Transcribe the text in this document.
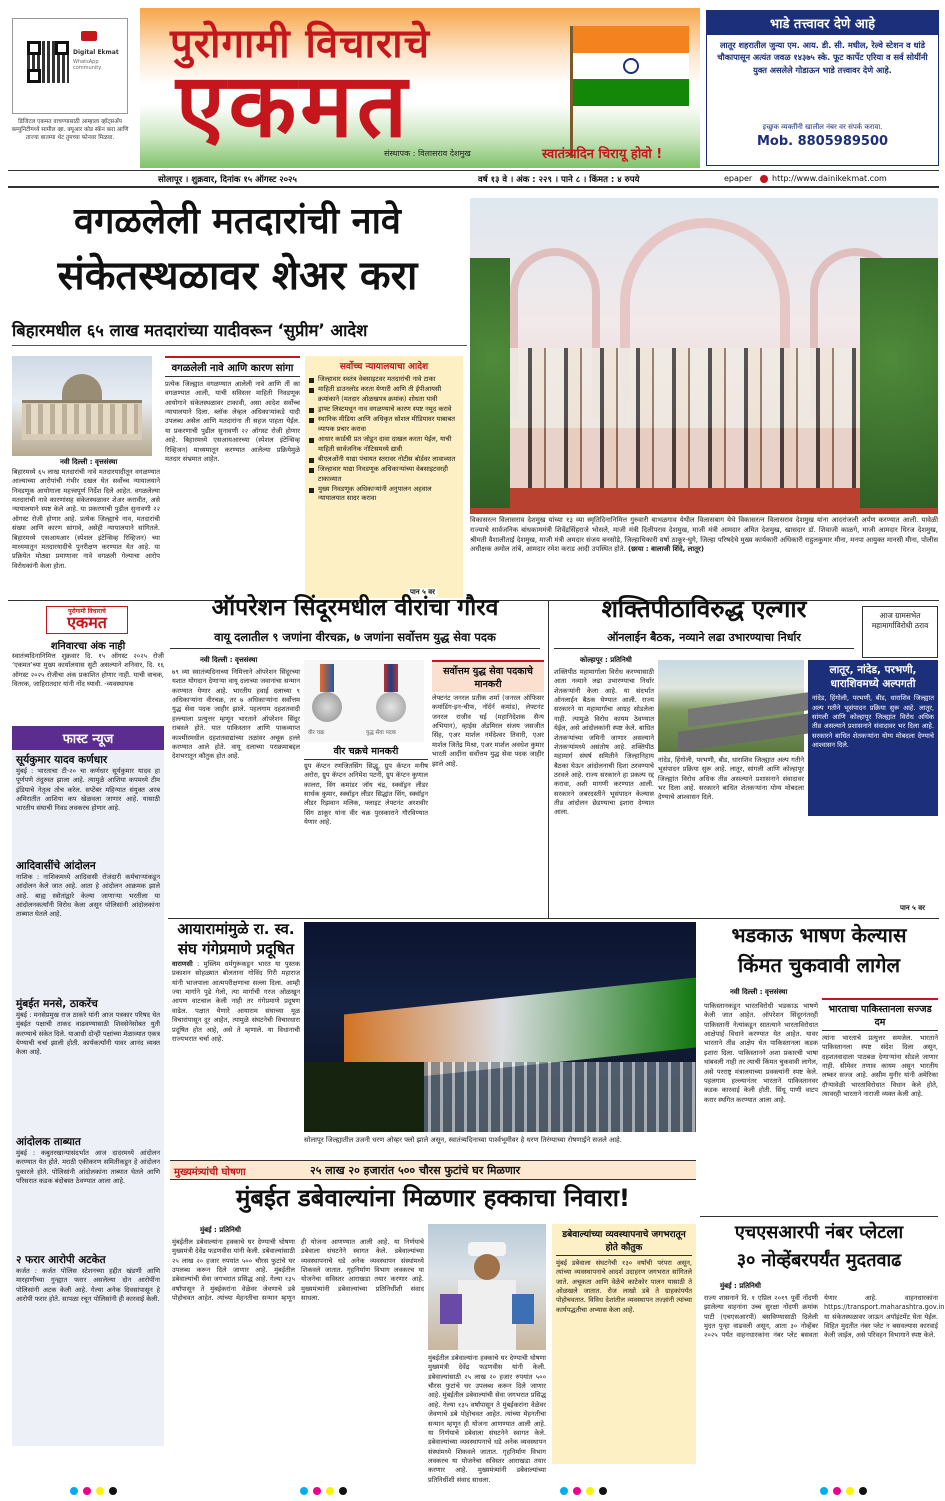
Digital Ekmat
WhatsApp community
डिजिटल एकमत वाचण्यासाठी आम्हाला व्हॉट्सअ‍ॅप कम्युनिटीमध्ये सामील व्हा. क्यूआर कोड स्कॅन करा आणि ताज्या बातम्या थेट तुमच्या फोनवर मिळवा.
पुरोगामी विचाराचे
एकमत
संस्थापक : विलासराव देशमुख	स्वातंत्र्यदिन चिरायू होवो !
भाडे तत्त्वावर देणे आहे
लातूर शहरातील जुन्या एम. आय. डी. सी. मधील, रेल्वे स्टेशन व धांडे चौकापासून अत्यंत जवळ १४३७५ स्के. फूट कार्पेट एरिया व सर्व सोयींनी युक्त असलेले गोडाऊन भाडे तत्त्वावर देणे आहे.
इच्छुक व्यक्तींनी खालील नंबर वर संपर्क करावा.
Mob. 8805989500
सोलापूर । शुक्रवार, दिनांक १५ ऑगस्ट २०२५	वर्ष १३ वे । अंक : २२९ । पाने ८ । किंमत : ४ रुपये	epaper http://www.dainikekmat.com
वगळलेली मतदारांची नावे
संकेतस्थळावर शेअर करा
बिहारमधील ६५ लाख मतदारांच्या यादीवरून ‘सुप्रीम’ आदेश
नवी दिल्ली : वृत्तसंस्था
बिहारमध्ये ६५ लाख मतदारांची नावे मतदारयादीतून वगळण्यात आल्याच्या आरोपांची गंभीर दखल घेत सर्वोच्च न्यायालयाने निवडणूक आयोगाला महत्त्वपूर्ण निर्देश दिले आहेत. वगळलेल्या मतदारांची नावे कारणांसह संकेतस्थळावर शेअर करावीत, असे न्यायालयाने स्पष्ट केले आहे. या प्रकरणाची पुढील सुनावणी २२ ऑगस्ट रोजी होणार आहे. प्रत्येक जिल्ह्याचे नाव, मतदारांची संख्या आणि कारण सांगावे, असेही न्यायालयाने सांगितले. बिहारमध्ये एसआयआर (स्पेशल इंटेन्सिव्ह रिव्हिजन) च्या माध्यमातून मतदारयादीचे पुनरीक्षण करण्यात येत आहे. या प्रक्रियेत मोठ्या प्रमाणावर नावे वगळली गेल्याचा आरोप विरोधकांनी केला होता.
वगळलेली नावे आणि कारण सांगा
प्रत्येक जिल्ह्यात वगळण्यात आलेली नावे आणि तीं का वगळण्यात आली, याची सविस्तर माहिती निवडणूक आयोगाने संकेतस्थळावर टाकावी, असा आदेश सर्वोच्च न्यायालयाने दिला. ब्लॉक लेव्हल अधिकाऱ्यांकडे यादी उपलब्ध असेल आणि मतदारांना ती सहज पाहता येईल. या प्रकरणाची पुढील सुनावणी २२ ऑगस्ट रोजी होणार आहे. बिहारमध्ये एसआयआरच्या (स्पेशल इंटेन्सिव्ह रिव्हिजन) माध्यमातून करण्यात आलेल्या प्रक्रियेमुळे मतदार संभ्रमात आहेत.
सर्वोच्च न्यायालयाचा आदेश
जिल्हावार स्वतंत्र वेबसाइटवर मतदारांची नावे टाका
माहिती डाउनलोड करता येणारी आणि ती ईपीआयसी क्रमांकाने (मतदार ओळखपत्र क्रमांक) शोधता यावी
ड्राफ्ट लिस्टमधून नाव वगळण्याचे कारण स्पष्ट नमूद करावे
स्थानिक मीडिया आणि अधिकृत सोशल मीडियावर याबाबत व्यापक प्रचार करावा
आधार कार्डची प्रत जोडून दावा दाखल करता येईल, याची माहिती सार्वजनिक नोटिसमध्ये द्यावी
बीएलओंनी याद्या पंचायत स्तरावर नोटीस बोर्डवर लावाव्यात
जिल्हावार याद्या निवडणूक अधिकाऱ्यांच्या वेबसाइटवरही टाकाव्यात
मुख्य निवडणूक अधिकाऱ्यांनी अनुपालन अहवाल न्यायालयात सादर करावा
पान ५ वर
विकासरत्न विलासराव देशमुख यांच्या १३ व्या स्मृतिदिनानिमित्त गुरुवारी बाभळगाव येथील विलासबाग येथे विकासरत्न विलासराव देशमुख यांना आदरांजली अर्पण करण्यात आली. यावेळी राज्याचे सार्वजनिक बांधकाममंत्री शिवेंद्रसिंहराजे भोसले, माजी मंत्री दिलीपराव देशमुख, माजी मंत्री आमदार अमित देशमुख, खासदार डॉ. शिवाजी काळगे, माजी आमदार धिरज देशमुख, श्रीमती वैशालीताई देशमुख, माजी मंत्री अमदार संजय बनसोडे, जिल्हाधिकारी वर्षा ठाकूर-घुगे, जिल्हा परिषदेचे मुख्य कार्यकारी अधिकारी राहुलकुमार मीना, मनपा आयुक्त मानसी मीना, पोलीस अधीक्षक अमोल तांबे, आमदार रमेश कराड आदी उपस्थित होते. (छाया : बालाजी शिंदे, लातूर)
पुरोगामी विचाराचे
एकमत
शनिवारचा अंक नाही
स्वातंत्र्यदिनानिमित्त शुक्रवार दि. १५ ऑगस्ट २०२५ रोजी ‘एकमत’च्या मुख्य कार्यालयास सुटी असल्याने शनिवार, दि. १६ ऑगस्ट २०२५ रोजीचा अंक प्रकाशित होणार नाही. याची वाचक, वितरक, जाहिरातदार यांनी नोंद घ्यावी. -व्यवस्थापक
फास्ट न्यूज
सूर्यकुमार यादव कर्णधार
मुंबई : भारताचा टी-२० चा कर्णधार सूर्यकुमार यादव हा पूर्णपणे तंदुरुस्त झाला आहे. त्यामुळे आशिया कपमध्ये टीम इंडियाचे नेतृत्व तोच करेल. सप्टेंबर महिन्यात संयुक्त अरब अमिरातीत आशिया कप खेळवला जाणार आहे. यासाठी भारतीय संघाची निवड लवकरच होणार आहे.
आदिवासींचे आंदोलन
नाशिक : नाशिकमध्ये आदिवासी रोजंदारी कर्मचाऱ्यांकडून आंदोलन केले जात आहे. आता हे आंदोलन आक्रमक झाले आहे. बाह्य स्त्रोतांद्वारे केल्या जाणाऱ्या भरतीला या आंदोलनकर्त्यांनी विरोध केला असून पोलिसांनी आंदोलकांना ताब्यात घेतले आहे.
मुंबईत मनसे, ठाकरेंच
मुंबई : मनसेप्रमुख राज ठाकरे यांनी आज पत्रकार परिषद घेत मुंबईत पक्षाची ताकद वाढवण्यासाठी शिवसेनेसोबत युती करण्याचे संकेत दिले. याआधी दोन्ही पक्षांच्या मेळाव्यात एकत्र येण्याची चर्चा झाली होती. कार्यकर्त्यांनी यावर आनंद व्यक्त केला आहे.
आंदोलक ताब्यात
मुंबई : कबुतरखान्यासंदर्भात आज दादरमध्ये आंदोलन करण्यात येत होते. मराठी एकीकरण समितीकडून हे आंदोलन पुकारले होते. पोलिसांनी आंदोलकांना ताब्यात घेतले आणि परिसरात कडक बंदोबस्त ठेवण्यात आला आहे.
२ फरार आरोपी अटकेत
कर्जत : कर्जत पोलिस स्टेशनच्या हद्दीत खंडणी आणि मारहाणीच्या गुन्ह्यात फरार असलेल्या दोन आरोपींना पोलिसांनी अटक केली आहे. गेल्या अनेक दिवसांपासून हे आरोपी फरार होते. सापळा रचून पोलिसांनी ही कारवाई केली.
ऑपरेशन सिंदूरमधील वीरांचा गौरव
वायू दलातील ९ जणांना वीरचक्र, ७ जणांना सर्वोत्तम युद्ध सेवा पदक
नवी दिल्ली : वृत्तसंस्था
७९ व्या स्वातंत्र्यदिनाच्या निमित्ताने ऑपरेशन सिंदूरच्या यशात योगदान देणाऱ्या वायू दलाच्या जवानांचा सन्मान करण्यात येणार आहे. भारतीय हवाई दलाच्या ९ अधिकाऱ्यांना वीरचक्र, तर ७ अधिकाऱ्यांना सर्वोत्तम युद्ध सेवा पदक जाहीर झाले. पहलगाम दहशतवादी हल्ल्याला प्रत्युत्तर म्हणून भारताने ऑपरेशन सिंदूर राबवले होते. यात पाकिस्तान आणि पाकव्याप्त काश्मीरमधील दहशतवाद्यांच्या तळांवर अचूक हल्ले करण्यात आले होते. वायू दलाच्या पराक्रमाबद्दल देशभरातून कौतुक होत आहे.
वीर चक्र	युद्ध सेवा पदक
वीर चक्रचे मानकरी
ग्रुप कॅप्टन रणजितसिंग सिद्धू, ग्रुप कॅप्टन मनीष अरोरा, ग्रुप कॅप्टन अनिमेश पटनी, ग्रुप कॅप्टन कुणाल कालरा, विंग कमांडर जॉय चंद्र, स्क्वॉड्रन लीडर सार्थक कुमार, स्क्वॉड्रन लीडर सिद्धांत सिंग, स्क्वॉड्रन लीडर रिझवान मलिक, फ्लाइट लेफ्टनंट अरशवीर सिंग ठाकूर यांना वीर चक्र पुरस्काराने गौरविण्यात येणार आहे.
सर्वोत्तम युद्ध सेवा पदकाचे मानकरी
लेफ्टनंट जनरल प्रतीक शर्मा (जनरल ऑफिसर कमांडिंग-इन-चीफ, नॉर्दर्न कमांड), लेफ्टनंट जनरल राजीव घई (महानिदेशक सैन्य अभियान), व्हाईस अ‍ॅडमिरल संजय जसजीत सिंह, एअर मार्शल नर्मदेश्वर तिवारी, एअर मार्शल जितेंद्र मिश्रा, एअर मार्शल अवधेश कुमार भारती आदींना सर्वोत्तम युद्ध सेवा पदक जाहीर झाले आहे.
शक्तिपीठाविरुद्ध एल्गार	आज ग्रामसभेत महामार्गाविरोधी ठराव
ऑनलाईन बैठक, नव्याने लढा उभारण्याचा निर्धार
कोल्हापूर : प्रतिनिधी
शक्तिपीठ महामार्गाला विरोध करण्यासाठी आता नव्याने लढा उभारण्याचा निर्धार शेतकऱ्यांनी केला आहे. या संदर्भात ऑनलाईन बैठक घेण्यात आली. राज्य सरकारने या महामार्गाचा आग्रह सोडलेला नाही. त्यामुळे विरोध कायम ठेवण्यात येईल, असे आंदोलकांनी स्पष्ट केले. बाधित शेतकऱ्यांच्या जमिनी जाणार असल्याने शेतकऱ्यांमध्ये असंतोष आहे. शक्तिपीठ महामार्ग संघर्ष समितीने जिल्हानिहाय बैठका घेऊन आंदोलनाची दिशा ठरवण्याचे ठरवले आहे. राज्य सरकारने हा प्रकल्प रद्द करावा, अशी मागणी करण्यात आली. सरकारने जबरदस्तीने भूसंपादन केल्यास तीव्र आंदोलन छेडण्याचा इशारा देण्यात आला.
नांदेड, हिंगोली, परभणी, बीड, धाराशिव जिल्ह्यात अल्प गतीने भूसंपादन प्रक्रिया सुरू आहे. लातूर, सांगली आणि कोल्हापूर जिल्ह्यांत विरोध अधिक तीव्र असल्याने प्रशासनाने संवादावर भर दिला आहे. सरकारने बाधित शेतकऱ्यांना योग्य मोबदला देण्याचे आश्वासन दिले.
लातूर, नांदेड, परभणी, धाराशिवमध्ये अल्पगती
नांदेड, हिंगोली, परभणी, बीड, धाराशिव जिल्ह्यात अल्प गतीने भूसंपादन प्रक्रिया सुरू आहे. लातूर, सांगली आणि कोल्हापूर जिल्ह्यांत विरोध अधिक तीव्र असल्याने प्रशासनाने संवादावर भर दिला आहे. सरकारने बाधित शेतकऱ्यांना योग्य मोबदला देण्याचे आश्वासन दिले.
पान ५ वर
आयारामांमुळे रा. स्व. संघ गंगेप्रमाणे प्रदूषित
वाराणसी : मुस्लिम धर्मगुरूंकडून भारत या पुस्तक प्रकाशन सोहळ्यात बोलताना गोविंद गिरी महाराज यांनी भाजपाला आत्मपरीक्षणाचा सल्ला दिला. आम्ही ज्या मार्गाने पुढे गेलो, त्या मार्गाची गरज ओळखून आपण वाटचाल केली नाही तर गंगेप्रमाणे प्रदूषण वाढेल. पक्षात येणारे आयाराम संघाच्या मूळ विचारांपासून दूर आहेत, त्यामुळे संघटनेची विचारधारा प्रदूषित होत आहे, असे ते म्हणाले. या विधानाची राज्यभरात चर्चा आहे.
सोलापूर जिल्ह्यातील उजनी धरण ओव्हर फ्लो झाले असून, स्वातंत्र्यदिनाच्या पार्श्वभूमीवर हे धरण तिरंग्याच्या रोषणाईने सजले आहे.
भडकाऊ भाषण केल्यास
किंमत चुकवावी लागेल
नवी दिल्ली : वृत्तसंस्था
पाकिस्तानकडून भारतविरोधी भडकाऊ भाषणे केली जात आहेत. ऑपरेशन सिंदूरनंतरही पाकिस्तानी नेत्यांकडून सातत्याने भारताविरोधात आक्षेपार्ह विधाने करण्यात येत आहेत. यावर भारताने तीव्र आक्षेप घेत पाकिस्तानला कडक इशारा दिला. पाकिस्तानने अशा प्रकारची भाषा थांबवली नाही तर त्याची किंमत चुकवावी लागेल, असे परराष्ट्र मंत्रालयाच्या प्रवक्त्यांनी स्पष्ट केले. पहलगाम हल्ल्यानंतर भारताने पाकिस्तानवर कडक कारवाई केली होती. सिंधू पाणी वाटप करार स्थगित करण्यात आला आहे.
भारताचा पाकिस्तानला सज्जड दम
त्यांना भारताचे प्रत्युत्तर समजेल. भारताने पाकिस्तानला स्पष्ट संदेश दिला असून, दहशतवादाला पाठबळ देणाऱ्यांना सोडले जाणार नाही. सीमेवर तणाव कायम असून भारतीय लष्कर सज्ज आहे. असीम मुनीर यांनी अमेरिका दौऱ्यावेळी भारताविरोधात विधान केले होते, त्यावरही भारताने नाराजी व्यक्त केली आहे.
मुख्यमंत्र्यांची घोषणा	२५ लाख २० हजारांत ५०० चौरस फुटांचे घर मिळणार
मुंबईत डबेवाल्यांना मिळणार हक्काचा निवारा!
मुंबई : प्रतिनिधी
मुंबईतील डबेवाल्यांना हक्काचे घर देण्याची घोषणा मुख्यमंत्री देवेंद्र फडणवीस यांनी केली. डबेवाल्यांसाठी २५ लाख २० हजार रुपयांत ५०० चौरस फुटांचे घर उपलब्ध करून दिले जाणार आहे. मुंबईतील डबेवाल्यांची सेवा जगभरात प्रसिद्ध आहे. गेल्या १३५ वर्षांपासून ते मुंबईकरांना वेळेवर जेवणाचे डबे पोहोचवत आहेत. त्यांच्या मेहनतीचा सन्मान म्हणून ही योजना आणण्यात आली आहे. या निर्णयाचे डबेवाला संघटनेने स्वागत केले. डबेवाल्यांच्या व्यवस्थापनाचे धडे अनेक व्यवस्थापन संस्थांमध्ये शिकवले जातात. गृहनिर्माण विभाग लवकरच या योजनेचा सविस्तर आराखडा तयार करणार आहे. मुख्यमंत्र्यांनी डबेवाल्यांच्या प्रतिनिधींशी संवाद साधला.
मुंबईतील डबेवाल्यांना हक्काचे घर देण्याची घोषणा मुख्यमंत्री देवेंद्र फडणवीस यांनी केली. डबेवाल्यांसाठी २५ लाख २० हजार रुपयांत ५०० चौरस फुटांचे घर उपलब्ध करून दिले जाणार आहे. मुंबईतील डबेवाल्यांची सेवा जगभरात प्रसिद्ध आहे. गेल्या १३५ वर्षांपासून ते मुंबईकरांना वेळेवर जेवणाचे डबे पोहोचवत आहेत. त्यांच्या मेहनतीचा सन्मान म्हणून ही योजना आणण्यात आली आहे. या निर्णयाचे डबेवाला संघटनेने स्वागत केले. डबेवाल्यांच्या व्यवस्थापनाचे धडे अनेक व्यवस्थापन संस्थांमध्ये शिकवले जातात. गृहनिर्माण विभाग लवकरच या योजनेचा सविस्तर आराखडा तयार करणार आहे. मुख्यमंत्र्यांनी डबेवाल्यांच्या प्रतिनिधींशी संवाद साधला.
डबेवाल्यांच्या व्यवस्थापनाचे जगभरातून होते कौतुक
मुंबई डबेवाला संघटनेची १३० वर्षांची परंपरा असून, त्यांच्या व्यवस्थापनाचे आदर्श उदाहरण जगभरात सांगितले जाते. अचूकता आणि वेळेचे काटेकोर पालन यासाठी ते ओळखले जातात. रोज लाखो डबे ते ग्राहकांपर्यंत पोहोचवतात. विविध देशांतील व्यवस्थापन तज्ज्ञांनी त्यांच्या कार्यपद्धतीचा अभ्यास केला आहे.
एचएसआरपी नंबर प्लेटला
३० नोव्हेंबरपर्यंत मुदतवाढ
मुंबई : प्रतिनिधी
राज्य शासनाने दि. १ एप्रिल २०१९ पूर्वी नोंदणी झालेल्या वाहनांना उच्च सुरक्षा नोंदणी क्रमांक पाटी (एचएसआरपी) बसविण्यासाठी दिलेली मुदत पुन्हा वाढवली असून, आता ३० नोव्हेंबर २०२५ पर्यंत वाहनधारकांना नंबर प्लेट बसवता येणार आहे. वाहनधारकांना https://transport.maharashtra.gov.in या संकेतस्थळावर जाऊन अपॉइंटमेंट घेता येईल. विहित मुदतीत नंबर प्लेट न बसवल्यास कारवाई केली जाईल, असे परिवहन विभागाने स्पष्ट केले.
